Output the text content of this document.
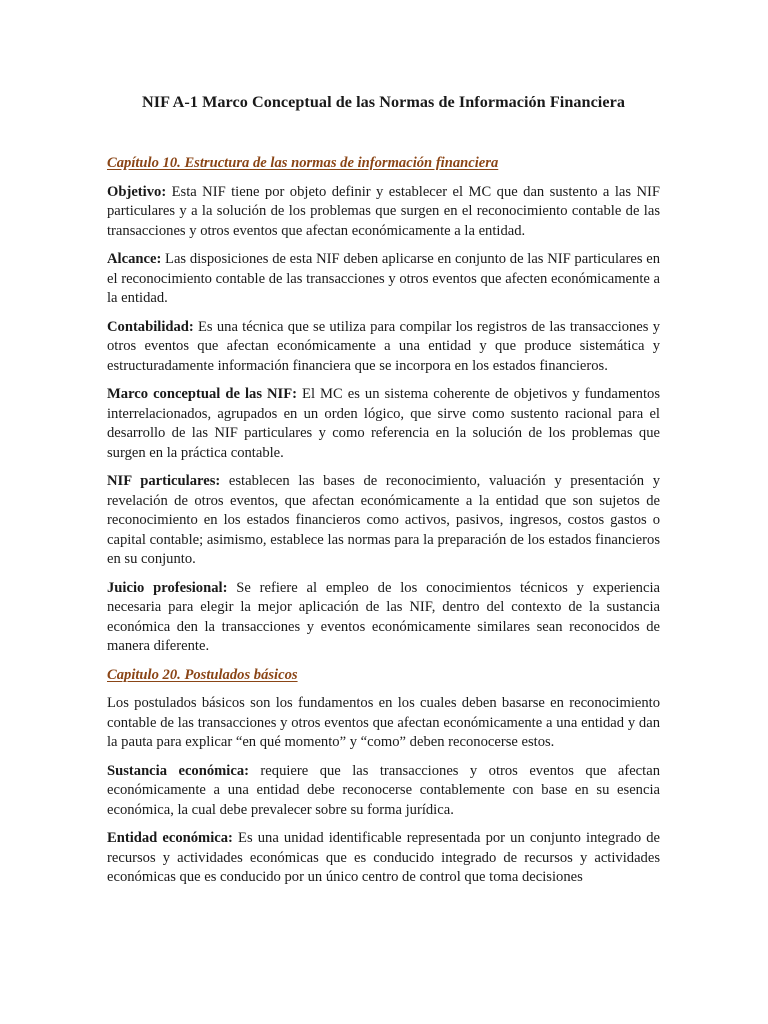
NIF A-1 Marco Conceptual de las Normas de Información Financiera
Capítulo 10. Estructura de las normas de información financiera
Objetivo: Esta NIF tiene por objeto definir y establecer el MC que dan sustento a las NIF particulares y a la solución de los problemas que surgen en el reconocimiento contable de las transacciones y otros eventos que afectan económicamente a la entidad.
Alcance: Las disposiciones de esta NIF deben aplicarse en conjunto de las NIF particulares en el reconocimiento contable de las transacciones y otros eventos que afecten económicamente a la entidad.
Contabilidad: Es una técnica que se utiliza para compilar los registros de las transacciones y otros eventos que afectan económicamente a una entidad y que produce sistemática y estructuradamente información financiera que se incorpora en los estados financieros.
Marco conceptual de las NIF: El MC es un sistema coherente de objetivos y fundamentos interrelacionados, agrupados en un orden lógico, que sirve como sustento racional para el desarrollo de las NIF particulares y como referencia en la solución de los problemas que surgen en la práctica contable.
NIF particulares: establecen las bases de reconocimiento, valuación y presentación y revelación de otros eventos, que afectan económicamente a la entidad que son sujetos de reconocimiento en los estados financieros como activos, pasivos, ingresos, costos gastos o capital contable; asimismo, establece las normas para la preparación de los estados financieros en su conjunto.
Juicio profesional: Se refiere al empleo de los conocimientos técnicos y experiencia necesaria para elegir la mejor aplicación de las NIF, dentro del contexto de la sustancia económica den la transacciones y eventos económicamente similares sean reconocidos de manera diferente.
Capitulo 20. Postulados básicos
Los postulados básicos son los fundamentos en los cuales deben basarse en reconocimiento contable de las transacciones y otros eventos que afectan económicamente a una entidad y dan la pauta para explicar “en qué momento” y “como” deben reconocerse estos.
Sustancia económica: requiere que las transacciones y otros eventos que afectan económicamente a una entidad debe reconocerse contablemente con base en su esencia económica, la cual debe prevalecer sobre su forma jurídica.
Entidad económica: Es una unidad identificable representada por un conjunto integrado de recursos y actividades económicas que es conducido integrado de recursos y actividades económicas que es conducido por un único centro de control que toma decisiones
